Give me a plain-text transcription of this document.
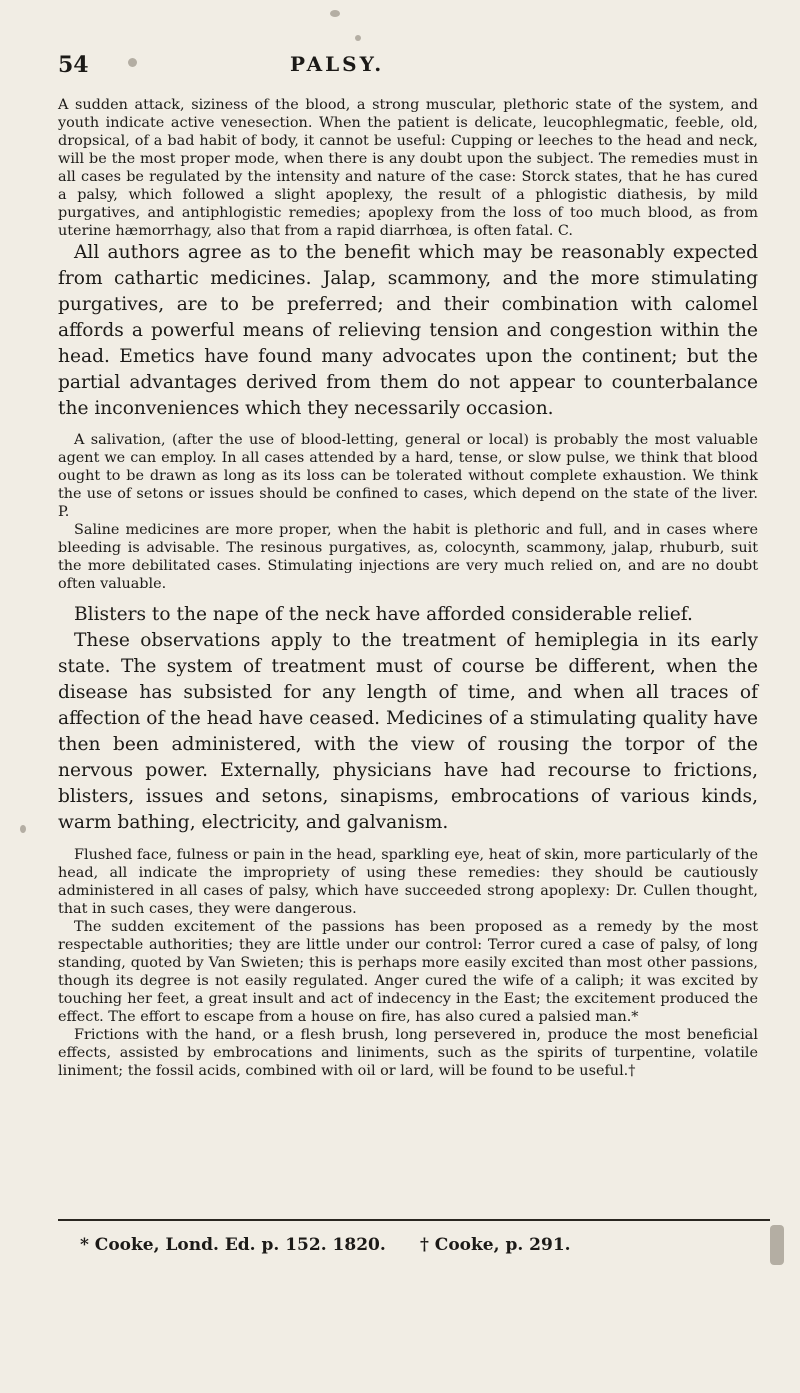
54	PALSY.

A sudden attack, siziness of the blood, a strong muscular, plethoric state of the system, and youth indicate active venesection. When the patient is delicate, leucophlegmatic, feeble, old, dropsical, of a bad habit of body, it cannot be useful: Cupping or leeches to the head and neck, will be the most proper mode, when there is any doubt upon the subject. The remedies must in all cases be regulated by the intensity and nature of the case: Storck states, that he has cured a palsy, which followed a slight apoplexy, the result of a phlogistic diathesis, by mild purgatives, and antiphlogistic remedies; apoplexy from the loss of too much blood, as from uterine hæmorrhagy, also that from a rapid diarrhœa, is often fatal. C.

All authors agree as to the benefit which may be reasonably expected from cathartic medicines. Jalap, scammony, and the more stimulating purgatives, are to be preferred; and their combination with calomel affords a powerful means of relieving tension and congestion within the head. Emetics have found many advocates upon the continent; but the partial advantages derived from them do not appear to counterbalance the inconveniences which they necessarily occasion.

A salivation, (after the use of blood-letting, general or local) is probably the most valuable agent we can employ. In all cases attended by a hard, tense, or slow pulse, we think that blood ought to be drawn as long as its loss can be tolerated without complete exhaustion. We think the use of setons or issues should be confined to cases, which depend on the state of the liver. P.

Saline medicines are more proper, when the habit is plethoric and full, and in cases where bleeding is advisable. The resinous purgatives, as, colocynth, scammony, jalap, rhuburb, suit the more debilitated cases. Stimulating injections are very much relied on, and are no doubt often valuable.

Blisters to the nape of the neck have afforded considerable relief.

These observations apply to the treatment of hemiplegia in its early state. The system of treatment must of course be different, when the disease has subsisted for any length of time, and when all traces of affection of the head have ceased. Medicines of a stimulating quality have then been administered, with the view of rousing the torpor of the nervous power. Externally, physicians have had recourse to frictions, blisters, issues and setons, sinapisms, embrocations of various kinds, warm bathing, electricity, and galvanism.

Flushed face, fulness or pain in the head, sparkling eye, heat of skin, more particularly of the head, all indicate the impropriety of using these remedies: they should be cautiously administered in all cases of palsy, which have succeeded strong apoplexy: Dr. Cullen thought, that in such cases, they were dangerous.

The sudden excitement of the passions has been proposed as a remedy by the most respectable authorities; they are little under our control: Terror cured a case of palsy, of long standing, quoted by Van Swieten; this is perhaps more easily excited than most other passions, though its degree is not easily regulated. Anger cured the wife of a caliph; it was excited by touching her feet, a great insult and act of indecency in the East; the excitement produced the effect. The effort to escape from a house on fire, has also cured a palsied man.*

Frictions with the hand, or a flesh brush, long persevered in, produce the most beneficial effects, assisted by embrocations and liniments, such as the spirits of turpentine, volatile liniment; the fossil acids, combined with oil or lard, will be found to be useful.†

* Cooke, Lond. Ed. p. 152. 1820. † Cooke, p. 291.
